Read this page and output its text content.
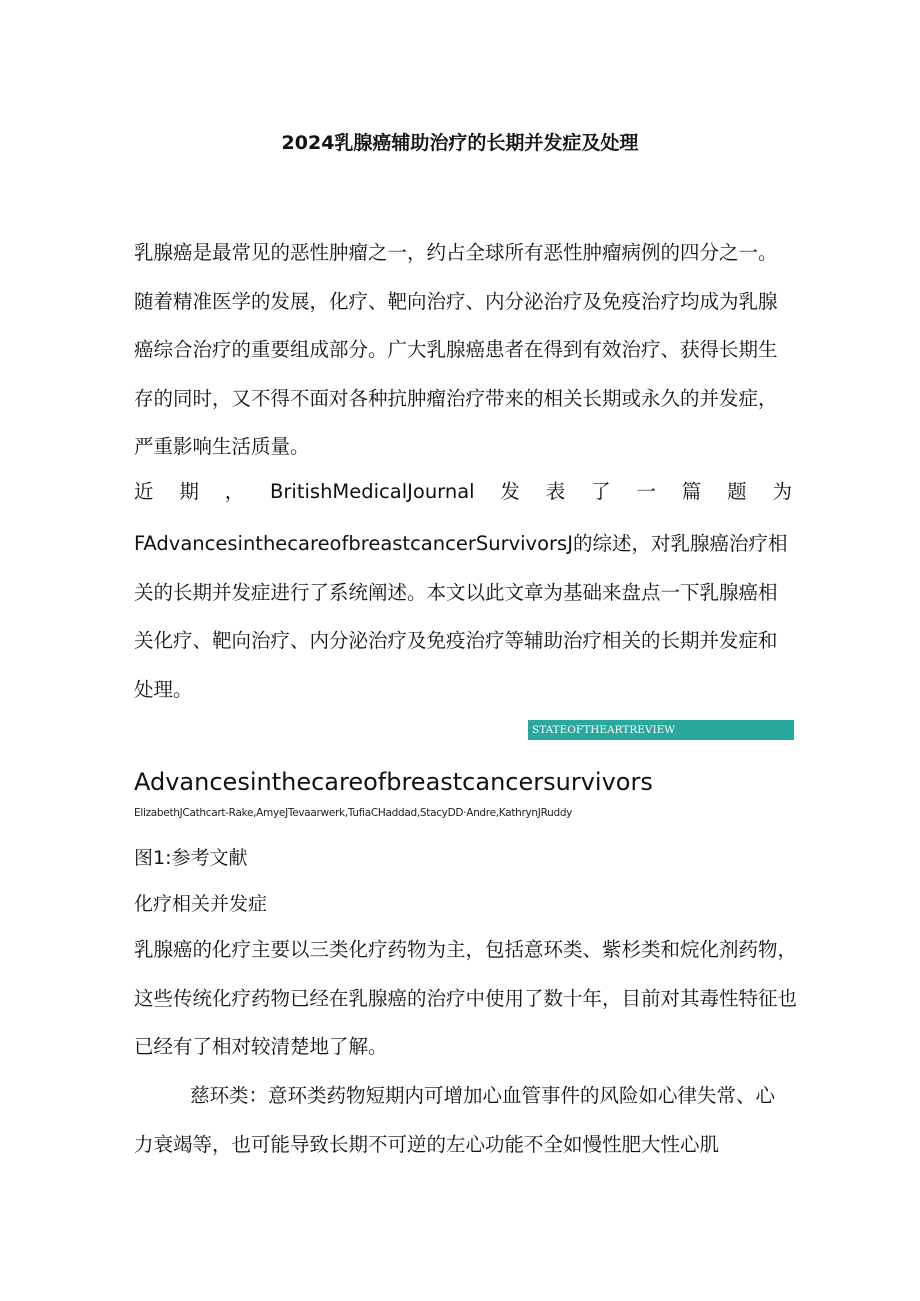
2024乳腺癌辅助治疗的长期并发症及处理

乳腺癌是最常见的恶性肿瘤之一，约占全球所有恶性肿瘤病例的四分之一。随着精准医学的发展，化疗、靶向治疗、内分泌治疗及免疫治疗均成为乳腺癌综合治疗的重要组成部分。广大乳腺癌患者在得到有效治疗、获得长期生存的同时，又不得不面对各种抗肿瘤治疗带来的相关长期或永久的并发症，严重影响生活质量。

近 期 ， BritishMedicalJournal 发 表 了 一 篇 题 为

FAdvancesinthecareofbreastcancerSurvivorsJ的综述，对乳腺癌治疗相关的长期并发症进行了系统阐述。本文以此文章为基础来盘点一下乳腺癌相关化疗、靶向治疗、内分泌治疗及免疫治疗等辅助治疗相关的长期并发症和处理。

STATEOFTHEARTREVIEW
Advancesinthecareofbreastcancersurvivors

ElizabethJCathcart-Rake,AmyeJTevaarwerk,TufiaCHaddad,StacyDD·Andre,KathrynJRuddy

图1:参考文献

化疗相关并发症

乳腺癌的化疗主要以三类化疗药物为主，包括意环类、紫杉类和烷化剂药物，这些传统化疗药物已经在乳腺癌的治疗中使用了数十年，目前对其毒性特征也已经有了相对较清楚地了解。

慈环类：意环类药物短期内可增加心血管事件的风险如心律失常、心力衰竭等，也可能导致长期不可逆的左心功能不全如慢性肥大性心肌
